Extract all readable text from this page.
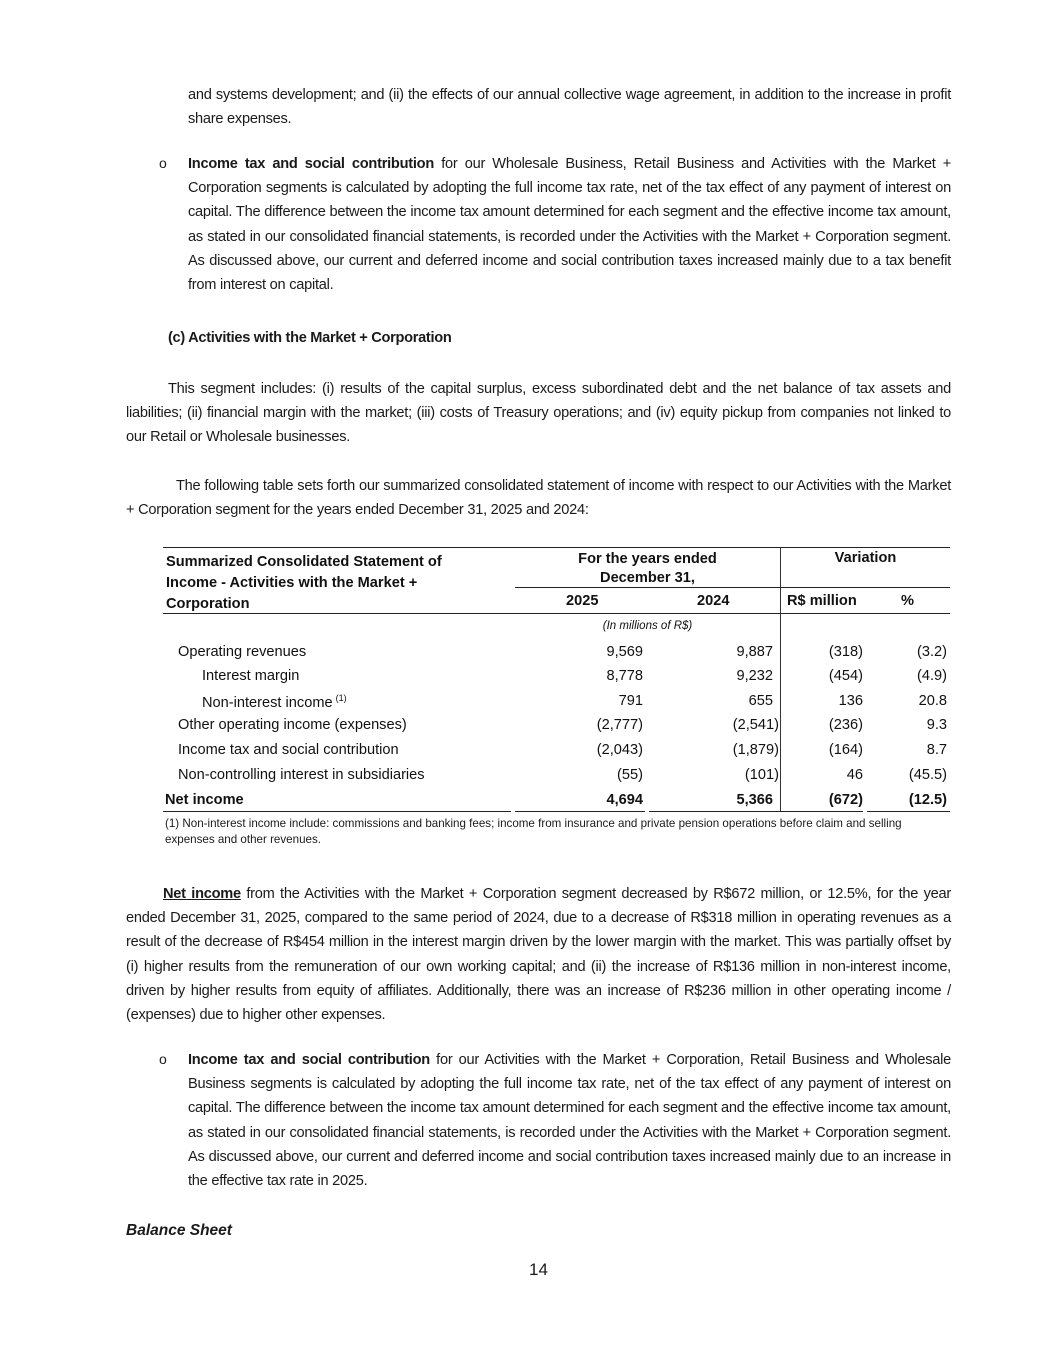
and systems development; and (ii) the effects of our annual collective wage agreement, in addition to the increase in profit share expenses.
o Income tax and social contribution for our Wholesale Business, Retail Business and Activities with the Market + Corporation segments is calculated by adopting the full income tax rate, net of the tax effect of any payment of interest on capital. The difference between the income tax amount determined for each segment and the effective income tax amount, as stated in our consolidated financial statements, is recorded under the Activities with the Market + Corporation segment. As discussed above, our current and deferred income and social contribution taxes increased mainly due to a tax benefit from interest on capital.
(c) Activities with the Market + Corporation
This segment includes: (i) results of the capital surplus, excess subordinated debt and the net balance of tax assets and liabilities; (ii) financial margin with the market; (iii) costs of Treasury operations; and (iv) equity pickup from companies not linked to our Retail or Wholesale businesses.
The following table sets forth our summarized consolidated statement of income with respect to our Activities with the Market + Corporation segment for the years ended December 31, 2025 and 2024:
Summarized Consolidated Statement of
Income - Activities with the Market +
Corporation
For the years ended
December 31,
Variation
2025	2024	R$ million	%
(In millions of R$)
Operating revenues	9,569	9,887	(318)	(3.2)
Interest margin	8,778	9,232	(454)	(4.9)
Non-interest income $^{(1)}$	791	655	136	20.8
Other operating income (expenses)	(2,777)	(2,541)	(236)	9.3
Income tax and social contribution	(2,043)	(1,879)	(164)	8.7
Non-controlling interest in subsidiaries	(55)	(101)	46	(45.5)
Net income	4,694	5,366	(672)	(12.5)
(1) Non-interest income include: commissions and banking fees; income from insurance and private pension operations before claim and selling expenses and other revenues.
Net income from the Activities with the Market + Corporation segment decreased by R$672 million, or 12.5%, for the year ended December 31, 2025, compared to the same period of 2024, due to a decrease of R$318 million in operating revenues as a result of the decrease of R$454 million in the interest margin driven by the lower margin with the market. This was partially offset by (i) higher results from the remuneration of our own working capital; and (ii) the increase of R$136 million in non-interest income, driven by higher results from equity of affiliates. Additionally, there was an increase of R$236 million in other operating income / (expenses) due to higher other expenses.
o Income tax and social contribution for our Activities with the Market + Corporation, Retail Business and Wholesale Business segments is calculated by adopting the full income tax rate, net of the tax effect of any payment of interest on capital. The difference between the income tax amount determined for each segment and the effective income tax amount, as stated in our consolidated financial statements, is recorded under the Activities with the Market + Corporation segment. As discussed above, our current and deferred income and social contribution taxes increased mainly due to an increase in the effective tax rate in 2025.
Balance Sheet
14
